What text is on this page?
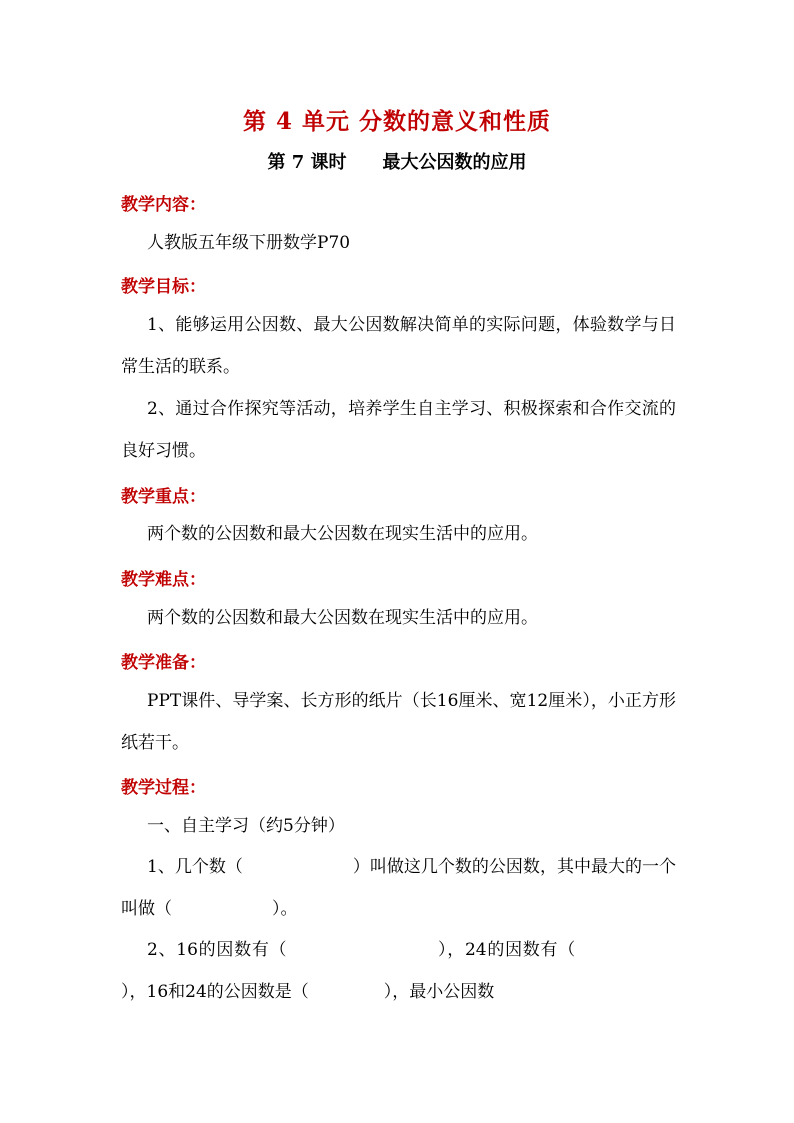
第 4 单元 分数的意义和性质
第 7 课时 最大公因数的应用
教学内容：
人教版五年级下册数学P70
教学目标：
1、能够运用公因数、最大公因数解决简单的实际问题，体验数学与日常生活的联系。
2、通过合作探究等活动，培养学生自主学习、积极探索和合作交流的良好习惯。
教学重点：
两个数的公因数和最大公因数在现实生活中的应用。
教学难点：
两个数的公因数和最大公因数在现实生活中的应用。
教学准备：
PPT课件、导学案、长方形的纸片（长16厘米、宽12厘米），小正方形纸若干。
教学过程：
一、自主学习（约5分钟）
1、几个数（	）叫做这几个数的公因数，其中最大的一个叫做（	）。
2、16的因数有（	），24的因数有（），16和24的公因数是（	），最小公因数
